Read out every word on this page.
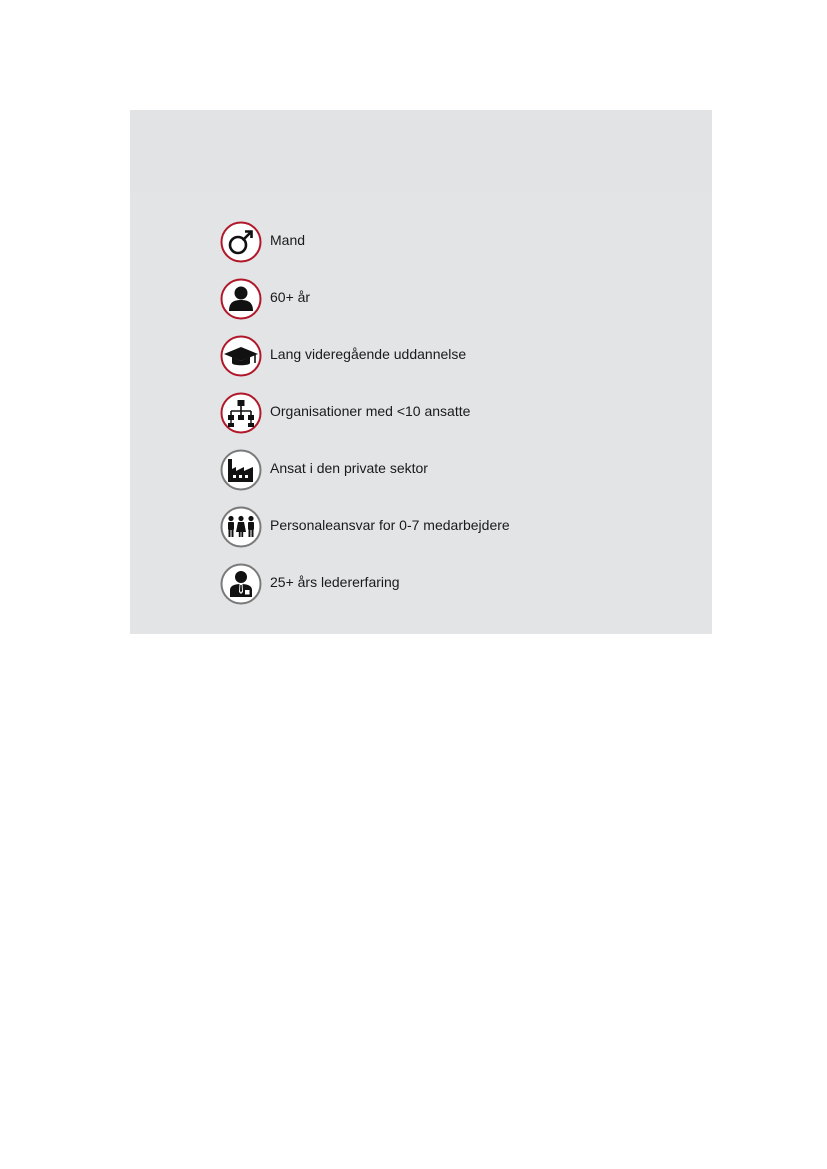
Mand
60+ år
Lang videregående uddannelse
Organisationer med <10 ansatte
Ansat i den private sektor
Personaleansvar for 0-7 medarbejdere
25+ års ledererfaring
